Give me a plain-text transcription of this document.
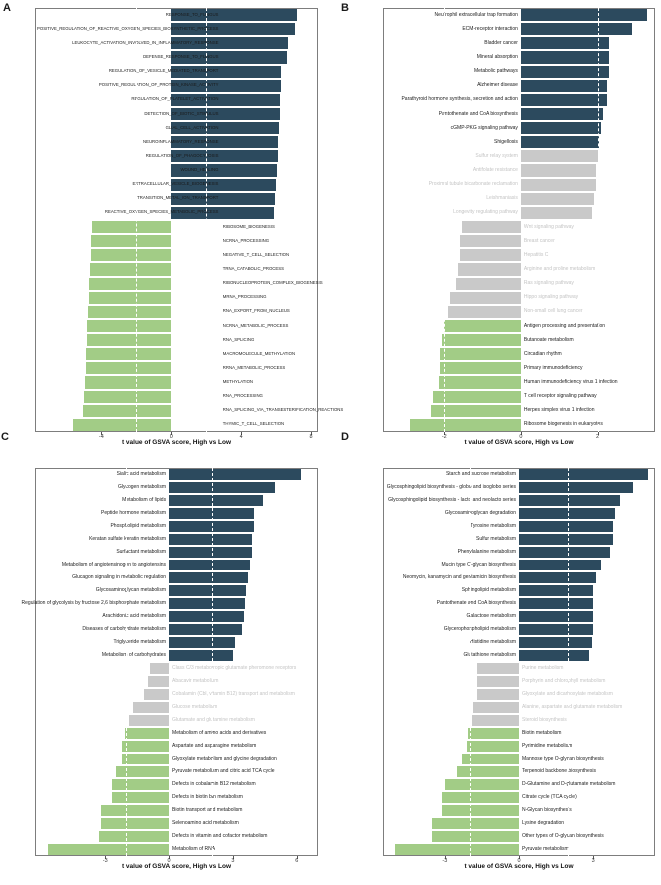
A	B
C	D
t value of GSVA score, High vs Low
RESPONSE_TO_FUNGUS
POSITIVE_REGULATION_OF_REACTIVE_OXYGEN_SPECIES_BIOSYNTHETIC_PROCESS
LEUKOCYTE_ACTIVATION_INVOLVED_IN_INFLAMMATORY_RESPONSE
DEFENSE_RESPONSE_TO_FUNGUS
REGULATION_OF_VESICLE_MEDIATED_TRANSPORT
POSITIVE_REGULATION_OF_PROTEIN_KINASE_ACTIVITY
REGULATION_OF_PLATELET_ACTIVATION
DETECTION_OF_BIOTIC_STIMULUS
GLIAL_CELL_ACTIVATION
NEUROINFLAMMATORY_RESPONSE
REGULATION_OF_PHAGOCYTOSIS
WOUND_HEALING
EXTRACELLULAR_VESICLE_BIOGENESIS
TRANSITION_METAL_ION_TRANSPORT
REACTIVE_OXYGEN_SPECIES_METABOLIC_PROCESS
RIBOSOME_BIOGENESIS
NCRNA_PROCESSING
NEGATIVE_T_CELL_SELECTION
TRNA_CATABOLIC_PROCESS
RIBONUCLEOPROTEIN_COMPLEX_BIOGENESIS
MRNA_PROCESSING
RNA_EXPORT_FROM_NUCLEUS
NCRNA_METABOLIC_PROCESS
RNA_SPLICING
MACROMOLECULE_METHYLATION
RRNA_METABOLIC_PROCESS
METHYLATION
RNA_PROCESSING
RNA_SPLICING_VIA_TRANSESTERIFICATION_REACTIONS
THYMIC_T_CELL_SELECTION
-4	0	4	8
t value of GSVA score, High vs Low
Neutrophil extracellular trap formation
ECM-receptor interaction
Bladder cancer
Mineral absorption
Metabolic pathways
Alzheimer disease
Parathyroid hormone synthesis, secretion and action
Pantothenate and CoA biosynthesis
cGMP-PKG signaling pathway
Shigellosis
Sulfur relay system
Antifolate resistance
Proximal tubule bicarbonate reclamation
Leishmaniasis
Longevity regulating pathway
Wnt signaling pathway
Breast cancer
Hepatitis C
Arginine and proline metabolism
Ras signaling pathway
Hippo signaling pathway
Non-small cell lung cancer
Antigen processing and presentation
Butanoate metabolism
Circadian rhythm
Primary immunodeficiency
Human immunodeficiency virus 1 infection
T cell receptor signaling pathway
Herpes simplex virus 1 infection
Ribosome biogenesis in eukaryotes
-2	0	2
t value of GSVA score, High vs Low
Sialic acid metabolism
Glycogen metabolism
Metabolism of lipids
Peptide hormone metabolism
Phospholipid metabolism
Keratan sulfate keratin metabolism
Surfactant metabolism
Metabolism of angiotensinogen to angiotensins
Glucagon signaling in metabolic regulation
Glycosaminoglycan metabolism
Regulation of glycolysis by fructose 2,6 bisphosphate metabolism
Arachidonic acid metabolism
Diseases of carbohydrate metabolism
Triglyceride metabolism
Metabolism of carbohydrates
Class C/3 metabotropic glutamate pheromone receptors
Abacavir metabolism
Cobalamin (Cbl, vitamin B12) transport and metabolism
Glucose metabolism
Glutamate and glutamine metabolism
Metabolism of amino acids and derivatives
Aspartate and asparagine metabolism
Glyoxylate metabolism and glycine degradation
Pyruvate metabolism and citric acid TCA cycle
Defects in cobalamin B12 metabolism
Defects in biotin btn metabolism
Biotin transport and metabolism
Selenoamino acid metabolism
Defects in vitamin and cofactor metabolism
Metabolism of RNA
-3	0	3	6
t value of GSVA score, High vs Low
Starch and sucrose metabolism
Glycosphingolipid biosynthesis - globo and isoglobo series
Glycosphingolipid biosynthesis - lacto and neolacto series
Glycosaminoglycan degradation
Tyrosine metabolism
Sulfur metabolism
Phenylalanine metabolism
Mucin type O-glycan biosynthesis
Neomycin, kanamycin and gentamicin biosynthesis
Sphingolipid metabolism
Pantothenate and CoA biosynthesis
Galactose metabolism
Glycerophospholipid metabolism
Histidine metabolism
Glutathione metabolism
Purine metabolism
Porphyrin and chlorophyll metabolism
Glyoxylate and dicarboxylate metabolism
Alanine, aspartate and glutamate metabolism
Steroid biosynthesis
Biotin metabolism
Pyrimidine metabolism
Mannose type O-glycan biosynthesis
Terpenoid backbone biosynthesis
D-Glutamine and D-glutamate metabolism
Citrate cycle (TCA cycle)
N-Glycan biosynthesis
Lysine degradation
Other types of O-glycan biosynthesis
Pyruvate metabolism
-3	0	3
